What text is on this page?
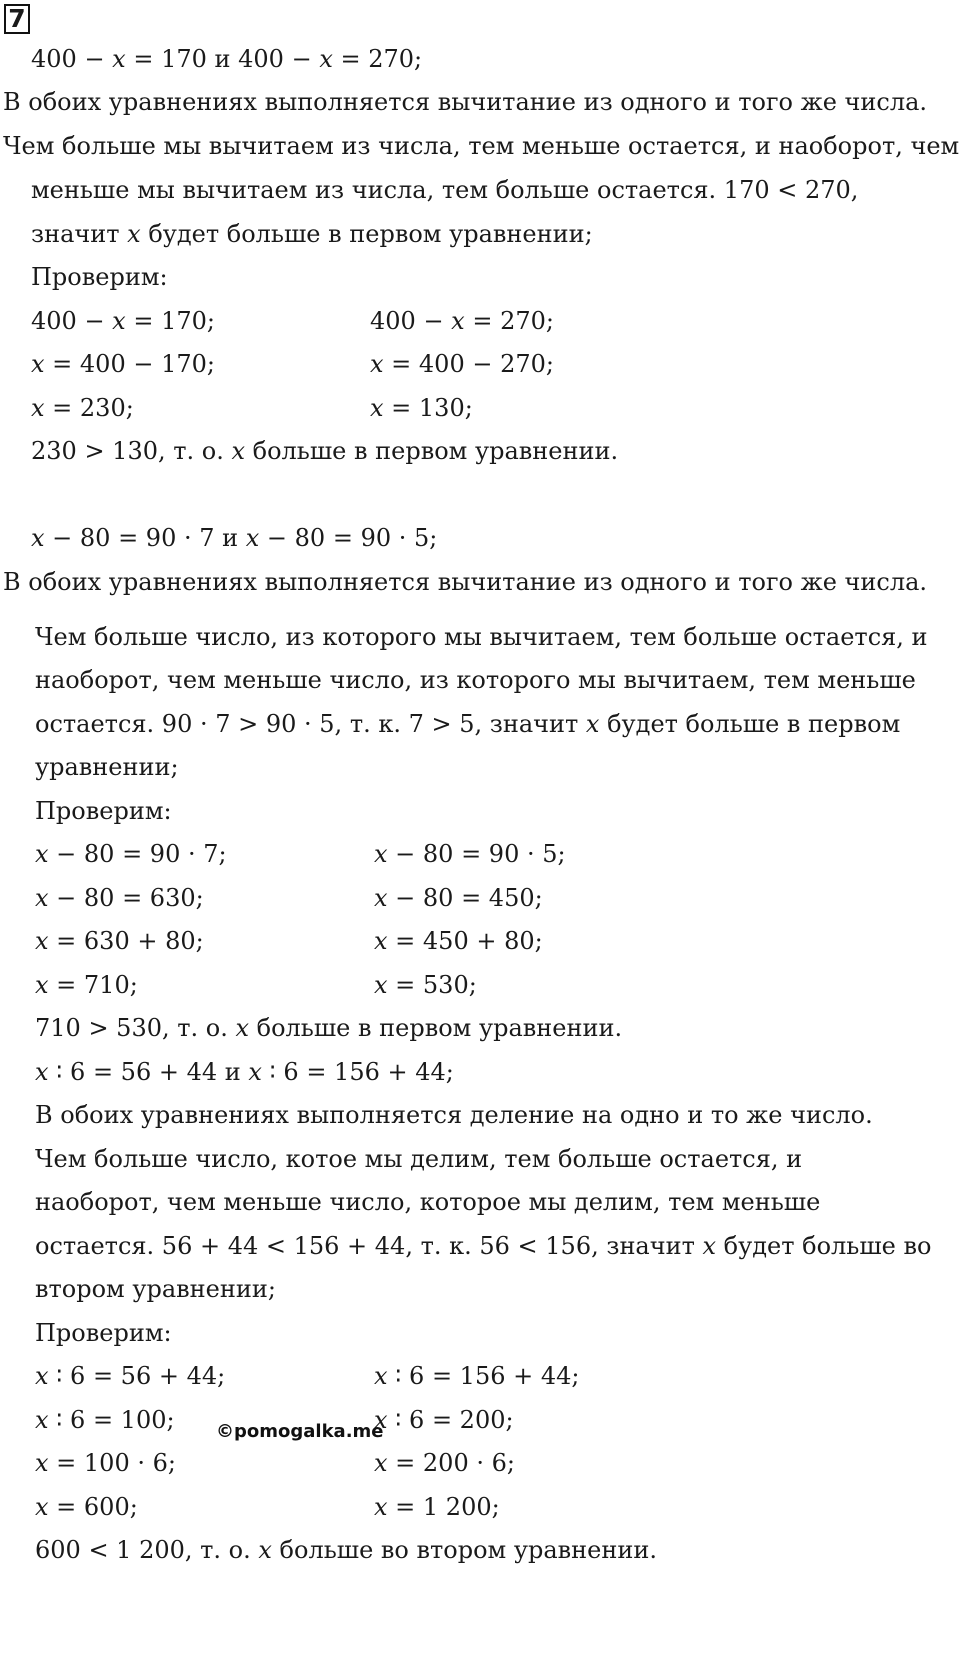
7
400 − 𝑥 = 170 и 400 − 𝑥 = 270;
В обоих уравнениях выполняется вычитание из одного и того же числа.
Чем больше мы вычитаем из числа, тем меньше остается, и наоборот, чем
меньше мы вычитаем из числа, тем больше остается. 170 < 270,
значит 𝑥 будет больше в первом уравнении;
Проверим:
400 − 𝑥 = 170;
𝑥 = 400 − 170;
𝑥 = 230;
400 − 𝑥 = 270;
𝑥 = 400 − 270;
𝑥 = 130;
230 > 130, т. о. 𝑥 больше в первом уравнении.
𝑥 − 80 = 90 · 7 и 𝑥 − 80 = 90 · 5;
В обоих уравнениях выполняется вычитание из одного и того же числа.
Чем больше число, из которого мы вычитаем, тем больше остается, и
наоборот, чем меньше число, из которого мы вычитаем, тем меньше
остается. 90 · 7 > 90 · 5, т. к. 7 > 5, значит 𝑥 будет больше в первом
уравнении;
Проверим:
𝑥 − 80 = 90 · 7;
𝑥 − 80 = 630;
𝑥 = 630 + 80;
𝑥 = 710;
𝑥 − 80 = 90 · 5;
𝑥 − 80 = 450;
𝑥 = 450 + 80;
𝑥 = 530;
710 > 530, т. о. 𝑥 больше в первом уравнении.
𝑥 ∶ 6 = 56 + 44 и 𝑥 ∶ 6 = 156 + 44;
В обоих уравнениях выполняется деление на одно и то же число.
Чем больше число, котое мы делим, тем больше остается, и
наоборот, чем меньше число, которое мы делим, тем меньше
остается. 56 + 44 < 156 + 44, т. к. 56 < 156, значит 𝑥 будет больше во
втором уравнении;
Проверим:
𝑥 ∶ 6 = 56 + 44;
𝑥 ∶ 6 = 100;
𝑥 = 100 · 6;
𝑥 = 600;
𝑥 ∶ 6 = 156 + 44;
𝑥 ∶ 6 = 200;
𝑥 = 200 · 6;
𝑥 = 1 200;
600 < 1 200, т. о. 𝑥 больше во втором уравнении.
©pomogalka.me
